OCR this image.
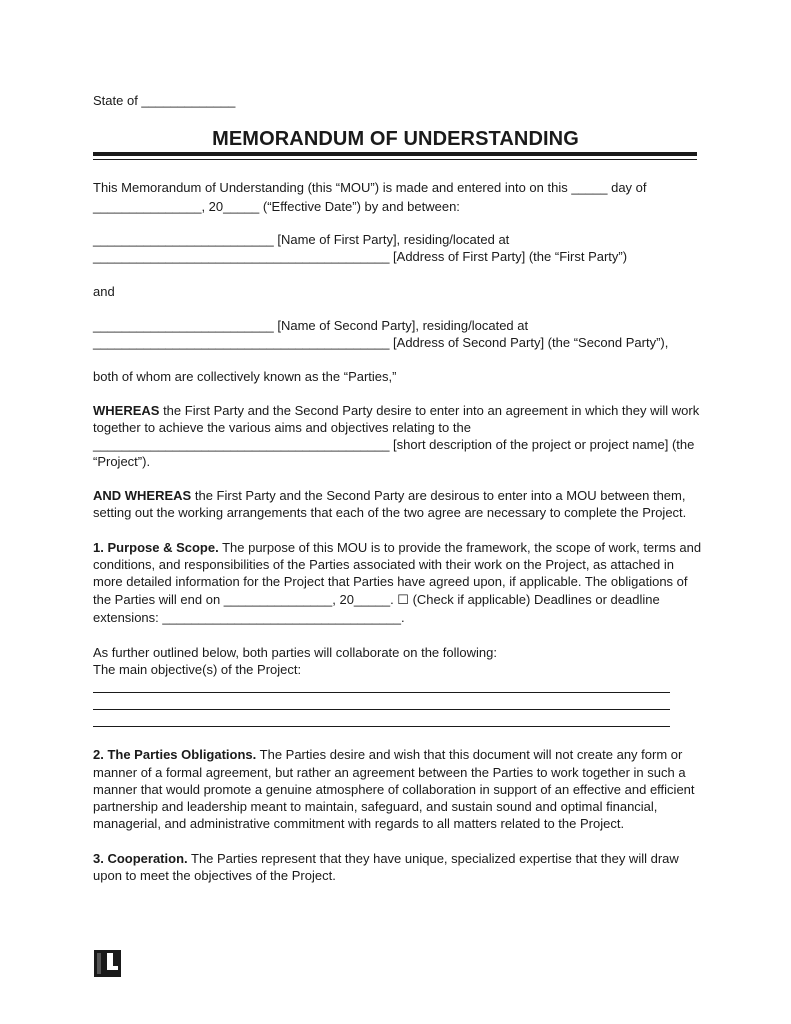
State of _____________
MEMORANDUM OF UNDERSTANDING
This Memorandum of Understanding (this “MOU”) is made and entered into on this _____ day of
_______________, 20_____ (“Effective Date”) by and between:
_________________________ [Name of First Party], residing/located at
_________________________________________ [Address of First Party] (the “First Party”)
and
_________________________ [Name of Second Party], residing/located at
_________________________________________ [Address of Second Party] (the “Second Party”),
both of whom are collectively known as the “Parties,”
WHEREAS the First Party and the Second Party desire to enter into an agreement in which they will work
together to achieve the various aims and objectives relating to the
_________________________________________ [short description of the project or project name] (the
“Project”).
AND WHEREAS the First Party and the Second Party are desirous to enter into a MOU between them,
setting out the working arrangements that each of the two agree are necessary to complete the Project.
1. Purpose & Scope. The purpose of this MOU is to provide the framework, the scope of work, terms and
conditions, and responsibilities of the Parties associated with their work on the Project, as attached in
more detailed information for the Project that Parties have agreed upon, if applicable. The obligations of
the Parties will end on _______________, 20_____. ☐ (Check if applicable) Deadlines or deadline
extensions: _________________________________.
As further outlined below, both parties will collaborate on the following:
The main objective(s) of the Project:
2. The Parties Obligations. The Parties desire and wish that this document will not create any form or
manner of a formal agreement, but rather an agreement between the Parties to work together in such a
manner that would promote a genuine atmosphere of collaboration in support of an effective and efficient
partnership and leadership meant to maintain, safeguard, and sustain sound and optimal financial,
managerial, and administrative commitment with regards to all matters related to the Project.
3. Cooperation. The Parties represent that they have unique, specialized expertise that they will draw
upon to meet the objectives of the Project.
